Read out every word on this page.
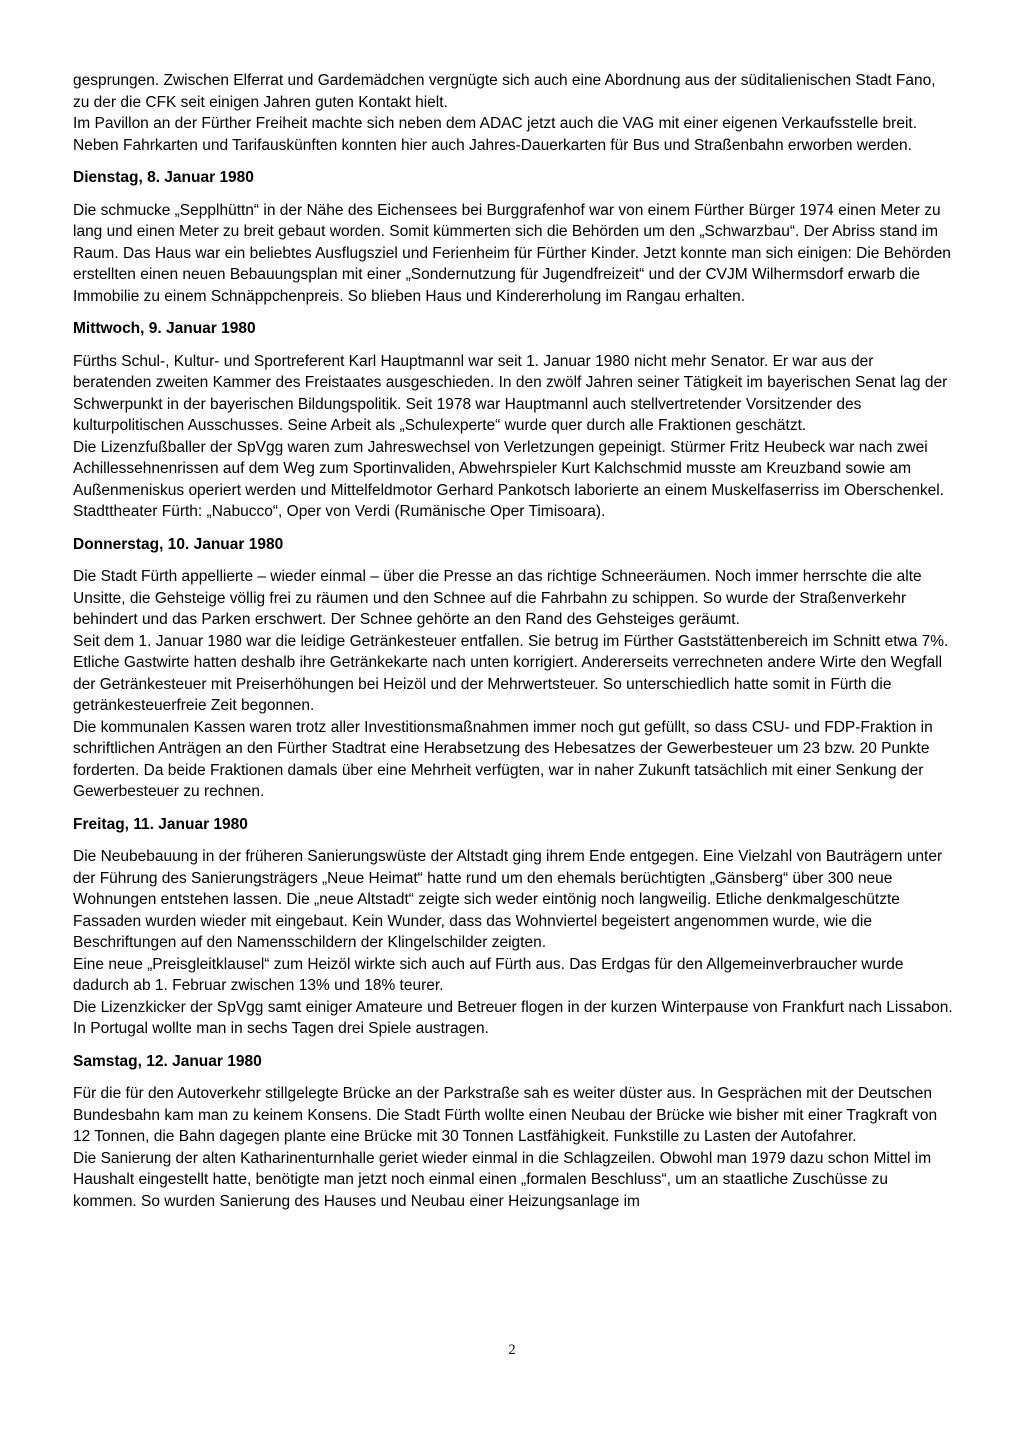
gesprungen. Zwischen Elferrat und Gardemädchen vergnügte sich auch eine Abordnung aus der süditalienischen Stadt Fano, zu der die CFK seit einigen Jahren guten Kontakt hielt.

Im Pavillon an der Fürther Freiheit machte sich neben dem ADAC jetzt auch die VAG mit einer eigenen Verkaufsstelle breit. Neben Fahrkarten und Tarifauskünften konnten hier auch Jahres-Dauerkarten für Bus und Straßenbahn erworben werden.

Dienstag, 8. Januar 1980

Die schmucke „Sepplhüttn“ in der Nähe des Eichensees bei Burggrafenhof war von einem Fürther Bürger 1974 einen Meter zu lang und einen Meter zu breit gebaut worden. Somit kümmerten sich die Behörden um den „Schwarzbau“. Der Abriss stand im Raum. Das Haus war ein beliebtes Ausflugsziel und Ferienheim für Fürther Kinder. Jetzt konnte man sich einigen: Die Behörden erstellten einen neuen Bebauungsplan mit einer „Sondernutzung für Jugendfreizeit“ und der CVJM Wilhermsdorf erwarb die Immobilie zu einem Schnäppchenpreis. So blieben Haus und Kindererholung im Rangau erhalten.

Mittwoch, 9. Januar 1980

Fürths Schul-, Kultur- und Sportreferent Karl Hauptmannl war seit 1. Januar 1980 nicht mehr Senator. Er war aus der beratenden zweiten Kammer des Freistaates ausgeschieden. In den zwölf Jahren seiner Tätigkeit im bayerischen Senat lag der Schwerpunkt in der bayerischen Bildungspolitik. Seit 1978 war Hauptmannl auch stellvertretender Vorsitzender des kulturpolitischen Ausschusses. Seine Arbeit als „Schulexperte“ wurde quer durch alle Fraktionen geschätzt.

Die Lizenzfußballer der SpVgg waren zum Jahreswechsel von Verletzungen gepeinigt. Stürmer Fritz Heubeck war nach zwei Achillessehnenrissen auf dem Weg zum Sportinvaliden, Abwehrspieler Kurt Kalchschmid musste am Kreuzband sowie am Außenmeniskus operiert werden und Mittelfeldmotor Gerhard Pankotsch laborierte an einem Muskelfaserriss im Oberschenkel.

Stadttheater Fürth: „Nabucco“, Oper von Verdi (Rumänische Oper Timisoara).

Donnerstag, 10. Januar 1980

Die Stadt Fürth appellierte – wieder einmal – über die Presse an das richtige Schneeräumen. Noch immer herrschte die alte Unsitte, die Gehsteige völlig frei zu räumen und den Schnee auf die Fahrbahn zu schippen. So wurde der Straßenverkehr behindert und das Parken erschwert. Der Schnee gehörte an den Rand des Gehsteiges geräumt.

Seit dem 1. Januar 1980 war die leidige Getränkesteuer entfallen. Sie betrug im Fürther Gaststättenbereich im Schnitt etwa 7%. Etliche Gastwirte hatten deshalb ihre Getränkekarte nach unten korrigiert. Andererseits verrechneten andere Wirte den Wegfall der Getränkesteuer mit Preiserhöhungen bei Heizöl und der Mehrwertsteuer. So unterschiedlich hatte somit in Fürth die getränkesteuerfreie Zeit begonnen.

Die kommunalen Kassen waren trotz aller Investitionsmaßnahmen immer noch gut gefüllt, so dass CSU- und FDP-Fraktion in schriftlichen Anträgen an den Fürther Stadtrat eine Herabsetzung des Hebesatzes der Gewerbesteuer um 23 bzw. 20 Punkte forderten. Da beide Fraktionen damals über eine Mehrheit verfügten, war in naher Zukunft tatsächlich mit einer Senkung der Gewerbesteuer zu rechnen.

Freitag, 11. Januar 1980

Die Neubebauung in der früheren Sanierungswüste der Altstadt ging ihrem Ende entgegen. Eine Vielzahl von Bauträgern unter der Führung des Sanierungsträgers „Neue Heimat“ hatte rund um den ehemals berüchtigten „Gänsberg“ über 300 neue Wohnungen entstehen lassen. Die „neue Altstadt“ zeigte sich weder eintönig noch langweilig. Etliche denkmalgeschützte Fassaden wurden wieder mit eingebaut. Kein Wunder, dass das Wohnviertel begeistert angenommen wurde, wie die Beschriftungen auf den Namensschildern der Klingelschilder zeigten.

Eine neue „Preisgleitklausel“ zum Heizöl wirkte sich auch auf Fürth aus. Das Erdgas für den Allgemeinverbraucher wurde dadurch ab 1. Februar zwischen 13% und 18% teurer.

Die Lizenzkicker der SpVgg samt einiger Amateure und Betreuer flogen in der kurzen Winterpause von Frankfurt nach Lissabon. In Portugal wollte man in sechs Tagen drei Spiele austragen.

Samstag, 12. Januar 1980

Für die für den Autoverkehr stillgelegte Brücke an der Parkstraße sah es weiter düster aus. In Gesprächen mit der Deutschen Bundesbahn kam man zu keinem Konsens. Die Stadt Fürth wollte einen Neubau der Brücke wie bisher mit einer Tragkraft von 12 Tonnen, die Bahn dagegen plante eine Brücke mit 30 Tonnen Lastfähigkeit. Funkstille zu Lasten der Autofahrer.

Die Sanierung der alten Katharinenturnhalle geriet wieder einmal in die Schlagzeilen. Obwohl man 1979 dazu schon Mittel im Haushalt eingestellt hatte, benötigte man jetzt noch einmal einen „formalen Beschluss“, um an staatliche Zuschüsse zu kommen. So wurden Sanierung des Hauses und Neubau einer Heizungsanlage im

2
